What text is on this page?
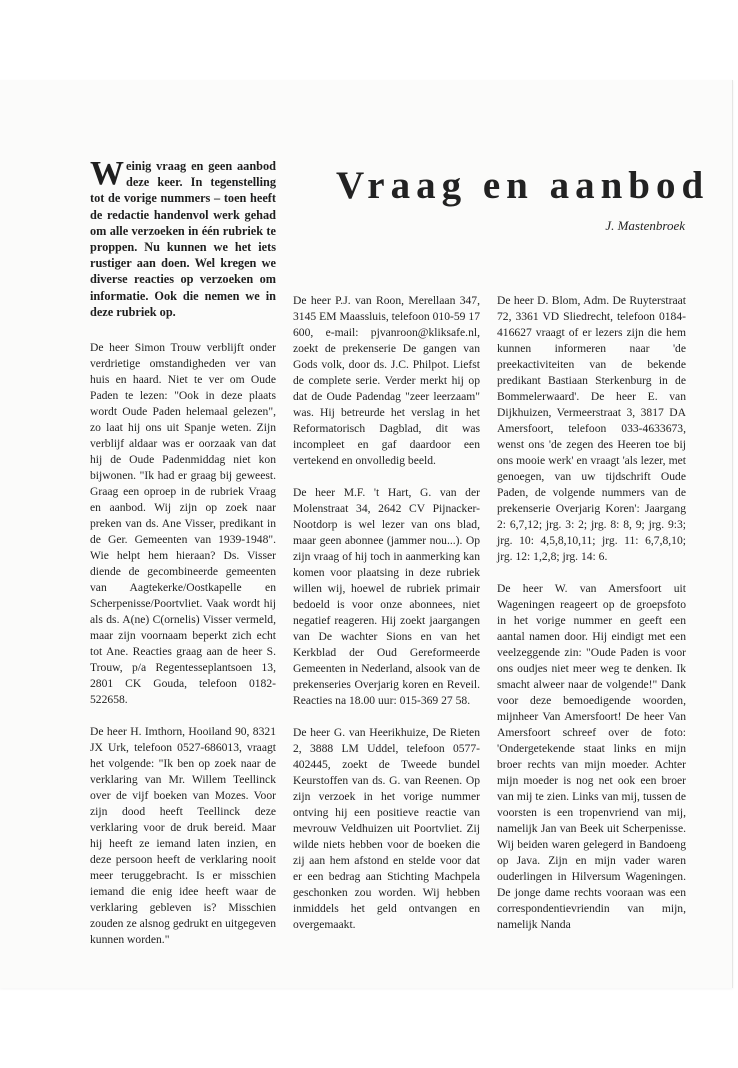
Vraag en aanbod
J. Mastenbroek
Weinig vraag en geen aanbod deze keer. In tegenstelling tot de vorige nummers – toen heeft de redactie handenvol werk gehad om alle verzoeken in één rubriek te proppen. Nu kunnen we het iets rustiger aan doen. Wel kregen we diverse reacties op verzoeken om informatie. Ook die nemen we in deze rubriek op.

De heer Simon Trouw verblijft onder verdrietige omstandigheden ver van huis en haard. Niet te ver om Oude Paden te lezen: "Ook in deze plaats wordt Oude Paden helemaal gelezen", zo laat hij ons uit Spanje weten. Zijn verblijf aldaar was er oorzaak van dat hij de Oude Padenmiddag niet kon bijwonen. "Ik had er graag bij geweest. Graag een oproep in de rubriek Vraag en aanbod. Wij zijn op zoek naar preken van ds. Ane Visser, predikant in de Ger. Gemeenten van 1939-1948". Wie helpt hem hieraan? Ds. Visser diende de gecombineerde gemeenten van Aagtekerke/Oostkapelle en Scherpenisse/Poortvliet. Vaak wordt hij als ds. A(ne) C(ornelis) Visser vermeld, maar zijn voornaam beperkt zich echt tot Ane. Reacties graag aan de heer S. Trouw, p/a Regentesseplantsoen 13, 2801 CK Gouda, telefoon 0182-522658.

De heer H. Imthorn, Hooiland 90, 8321 JX Urk, telefoon 0527-686013, vraagt het volgende: "Ik ben op zoek naar de verklaring van Mr. Willem Teellinck over de vijf boeken van Mozes. Voor zijn dood heeft Teellinck deze verklaring voor de druk bereid. Maar hij heeft ze iemand laten inzien, en deze persoon heeft de verklaring nooit meer teruggebracht. Is er misschien iemand die enig idee heeft waar de verklaring gebleven is? Misschien zouden ze alsnog gedrukt en uitgegeven kunnen worden."

De heer P.J. van Roon, Merellaan 347, 3145 EM Maassluis, telefoon 010-59 17 600, e-mail: pjvanroon@kliksafe.nl, zoekt de prekenserie De gangen van Gods volk, door ds. J.C. Philpot. Liefst de complete serie. Verder merkt hij op dat de Oude Padendag "zeer leerzaam" was. Hij betreurde het verslag in het Reformatorisch Dagblad, dit was incompleet en gaf daardoor een vertekend en onvolledig beeld.

De heer M.F. 't Hart, G. van der Molenstraat 34, 2642 CV Pijnacker-Nootdorp is wel lezer van ons blad, maar geen abonnee (jammer nou...). Op zijn vraag of hij toch in aanmerking kan komen voor plaatsing in deze rubriek willen wij, hoewel de rubriek primair bedoeld is voor onze abonnees, niet negatief reageren. Hij zoekt jaargangen van De wachter Sions en van het Kerkblad der Oud Gereformeerde Gemeenten in Nederland, alsook van de prekenseries Overjarig koren en Reveil. Reacties na 18.00 uur: 015-369 27 58.

De heer G. van Heerikhuize, De Rieten 2, 3888 LM Uddel, telefoon 0577-402445, zoekt de Tweede bundel Keurstoffen van ds. G. van Reenen. Op zijn verzoek in het vorige nummer ontving hij een positieve reactie van mevrouw Veldhuizen uit Poortvliet. Zij wilde niets hebben voor de boeken die zij aan hem afstond en stelde voor dat er een bedrag aan Stichting Machpela geschonken zou worden. Wij hebben inmiddels het geld ontvangen en overgemaakt.

De heer D. Blom, Adm. De Ruyterstraat 72, 3361 VD Sliedrecht, telefoon 0184-416627 vraagt of er lezers zijn die hem kunnen informeren naar 'de preekactiviteiten van de bekende predikant Bastiaan Sterkenburg in de Bommelerwaard'. De heer E. van Dijkhuizen, Vermeerstraat 3, 3817 DA Amersfoort, telefoon 033-4633673, wenst ons 'de zegen des Heeren toe bij ons mooie werk' en vraagt 'als lezer, met genoegen, van uw tijdschrift Oude Paden, de volgende nummers van de prekenserie Overjarig Koren': Jaargang 2: 6,7,12; jrg. 3: 2; jrg. 8: 8, 9; jrg. 9:3; jrg. 10: 4,5,8,10,11; jrg. 11: 6,7,8,10; jrg. 12: 1,2,8; jrg. 14: 6.

De heer W. van Amersfoort uit Wageningen reageert op de groepsfoto in het vorige nummer en geeft een aantal namen door. Hij eindigt met een veelzeggende zin: "Oude Paden is voor ons oudjes niet meer weg te denken. Ik smacht alweer naar de volgende!" Dank voor deze bemoedigende woorden, mijnheer Van Amersfoort! De heer Van Amersfoort schreef over de foto: 'Ondergetekende staat links en mijn broer rechts van mijn moeder. Achter mijn moeder is nog net ook een broer van mij te zien. Links van mij, tussen de voorsten is een tropenvriend van mij, namelijk Jan van Beek uit Scherpenisse. Wij beiden waren gelegerd in Bandoeng op Java. Zijn en mijn vader waren ouderlingen in Hilversum Wageningen. De jonge dame rechts vooraan was een correspondentievriendin van mijn, namelijk Nanda
